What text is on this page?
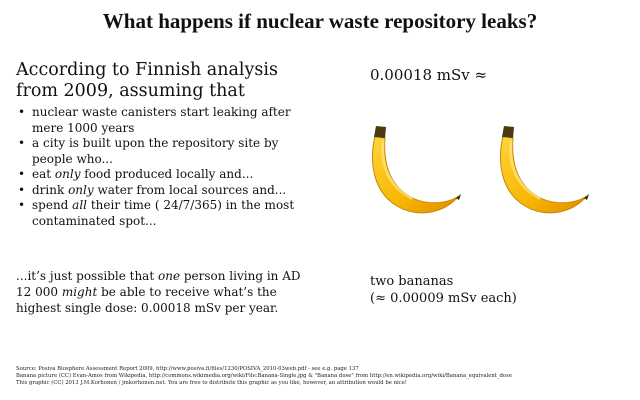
What happens if nuclear waste repository leaks?

According to Finnish analysis from 2009, assuming that

• nuclear waste canisters start leaking after mere 1000 years
• a city is built upon the repository site by people who...
• eat only food produced locally and...
• drink only water from local sources and...
• spend all their time ( 24/7/365) in the most contaminated spot...

...it’s just possible that one person living in AD 12 000 might be able to receive what’s the highest single dose: 0.00018 mSv per year.

0.00018 mSv ≈

two bananas
(≈ 0.00009 mSv each)

Source: Posiva Biosphere Assessment Report 2009, http://www.posiva.fi/files/1230/POSIVA_2010-03web.pdf - see e.g. page 137
Banana picture (CC) Evan-Amos from Wikipedia, http://commons.wikimedia.org/wiki/File:Banana-Single.jpg & "Banana dose" from http://en.wikipedia.org/wiki/Banana_equivalent_dose
This graphic (CC) 2013 J.M.Korhonen / jmkorhonen.net. You are free to distribute this graphic as you like, however, an attribution would be nice!
